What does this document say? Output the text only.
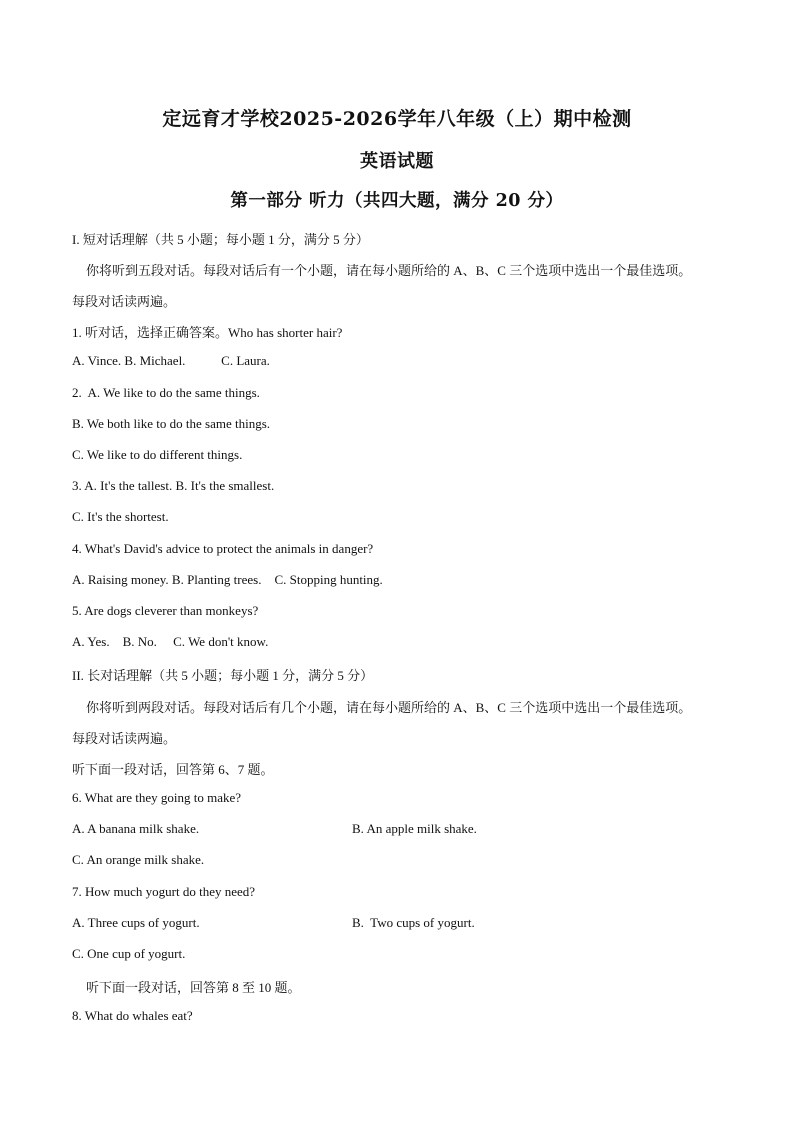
定远育才学校2025-2026学年八年级（上）期中检测
英语试题
第一部分 听力（共四大题，满分 20 分）
I. 短对话理解（共 5 小题；每小题 1 分，满分 5 分）
你将听到五段对话。每段对话后有一个小题，请在每小题所给的 A、B、C 三个选项中选出一个最佳选项。
每段对话读两遍。
1. 听对话，选择正确答案。Who has shorter hair?
A. Vince. B. Michael.           C. Laura.
2.  A. We like to do the same things.
B. We both like to do the same things.
C. We like to do different things.
3. A. It's the tallest. B. It's the smallest.
C. It's the shortest.
4. What's David's advice to protect the animals in danger?
A. Raising money. B. Planting trees.    C. Stopping hunting.
5. Are dogs cleverer than monkeys?
A. Yes.    B. No.     C. We don't know.
II. 长对话理解（共 5 小题；每小题 1 分，满分 5 分）
你将听到两段对话。每段对话后有几个小题，请在每小题所给的 A、B、C 三个选项中选出一个最佳选项。
每段对话读两遍。
听下面一段对话，回答第 6、7 题。
6. What are they going to make?
A. A banana milk shake.	B. An apple milk shake.
C. An orange milk shake.
7. How much yogurt do they need?
A. Three cups of yogurt.	B.  Two cups of yogurt.
C. One cup of yogurt.
听下面一段对话，回答第 8 至 10 题。
8. What do whales eat?
